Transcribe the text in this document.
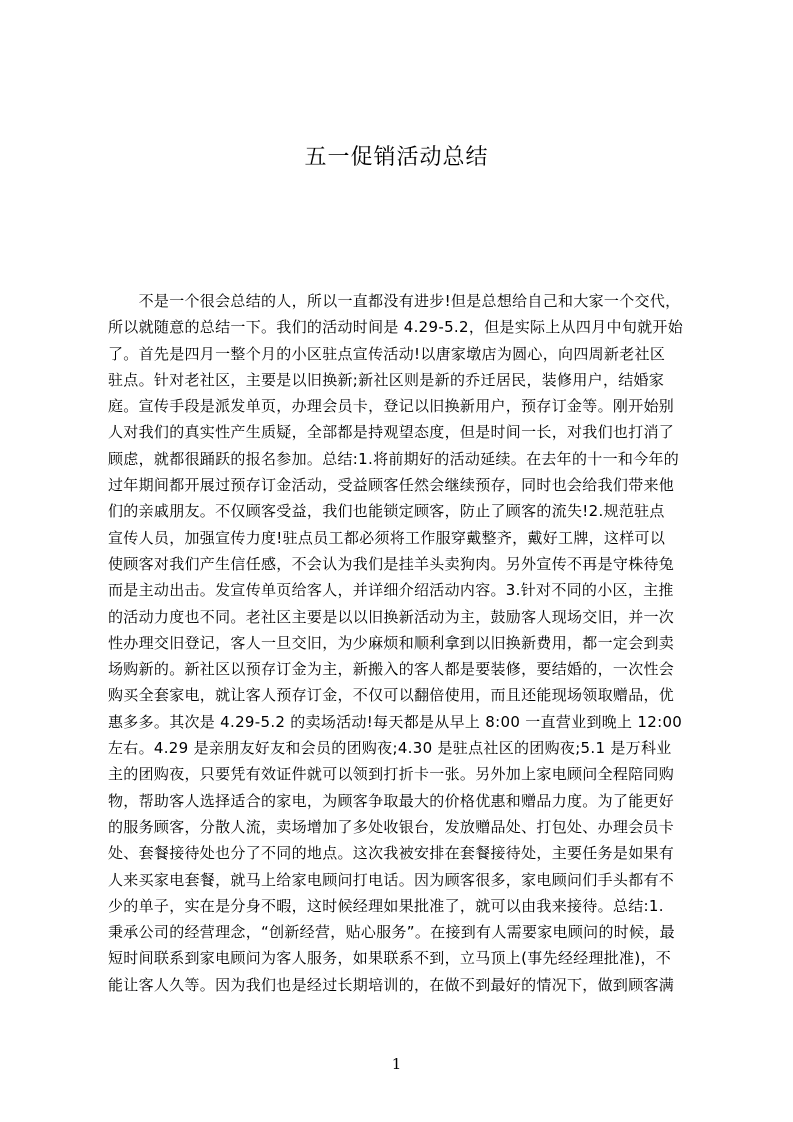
五一促销活动总结
　　不是一个很会总结的人，所以一直都没有进步!但是总想给自己和大家一个交代，
所以就随意的总结一下。我们的活动时间是 4.29-5.2，但是实际上从四月中旬就开始
了。首先是四月一整个月的小区驻点宣传活动!以唐家墩店为圆心，向四周新老社区
驻点。针对老社区，主要是以旧换新;新社区则是新的乔迁居民，装修用户，结婚家
庭。宣传手段是派发单页，办理会员卡，登记以旧换新用户，预存订金等。刚开始别
人对我们的真实性产生质疑，全部都是持观望态度，但是时间一长，对我们也打消了
顾虑，就都很踊跃的报名参加。总结:1.将前期好的活动延续。在去年的十一和今年的
过年期间都开展过预存订金活动，受益顾客任然会继续预存，同时也会给我们带来他
们的亲戚朋友。不仅顾客受益，我们也能锁定顾客，防止了顾客的流失!2.规范驻点
宣传人员，加强宣传力度!驻点员工都必须将工作服穿戴整齐，戴好工牌，这样可以
使顾客对我们产生信任感，不会认为我们是挂羊头卖狗肉。另外宣传不再是守株待兔
而是主动出击。发宣传单页给客人，并详细介绍活动内容。3.针对不同的小区，主推
的活动力度也不同。老社区主要是以以旧换新活动为主，鼓励客人现场交旧，并一次
性办理交旧登记，客人一旦交旧，为少麻烦和顺利拿到以旧换新费用，都一定会到卖
场购新的。新社区以预存订金为主，新搬入的客人都是要装修，要结婚的，一次性会
购买全套家电，就让客人预存订金，不仅可以翻倍使用，而且还能现场领取赠品，优
惠多多。其次是 4.29-5.2 的卖场活动!每天都是从早上 8:00 一直营业到晚上 12:00
左右。4.29 是亲朋友好友和会员的团购夜;4.30 是驻点社区的团购夜;5.1 是万科业
主的团购夜，只要凭有效证件就可以领到打折卡一张。另外加上家电顾问全程陪同购
物，帮助客人选择适合的家电，为顾客争取最大的价格优惠和赠品力度。为了能更好
的服务顾客，分散人流，卖场增加了多处收银台，发放赠品处、打包处、办理会员卡
处、套餐接待处也分了不同的地点。这次我被安排在套餐接待处，主要任务是如果有
人来买家电套餐，就马上给家电顾问打电话。因为顾客很多，家电顾问们手头都有不
少的单子，实在是分身不暇，这时候经理如果批准了，就可以由我来接待。总结:1.
秉承公司的经营理念，“创新经营，贴心服务”。在接到有人需要家电顾问的时候，最
短时间联系到家电顾问为客人服务，如果联系不到，立马顶上(事先经经理批准)，不
能让客人久等。因为我们也是经过长期培训的，在做不到最好的情况下，做到顾客满
1
